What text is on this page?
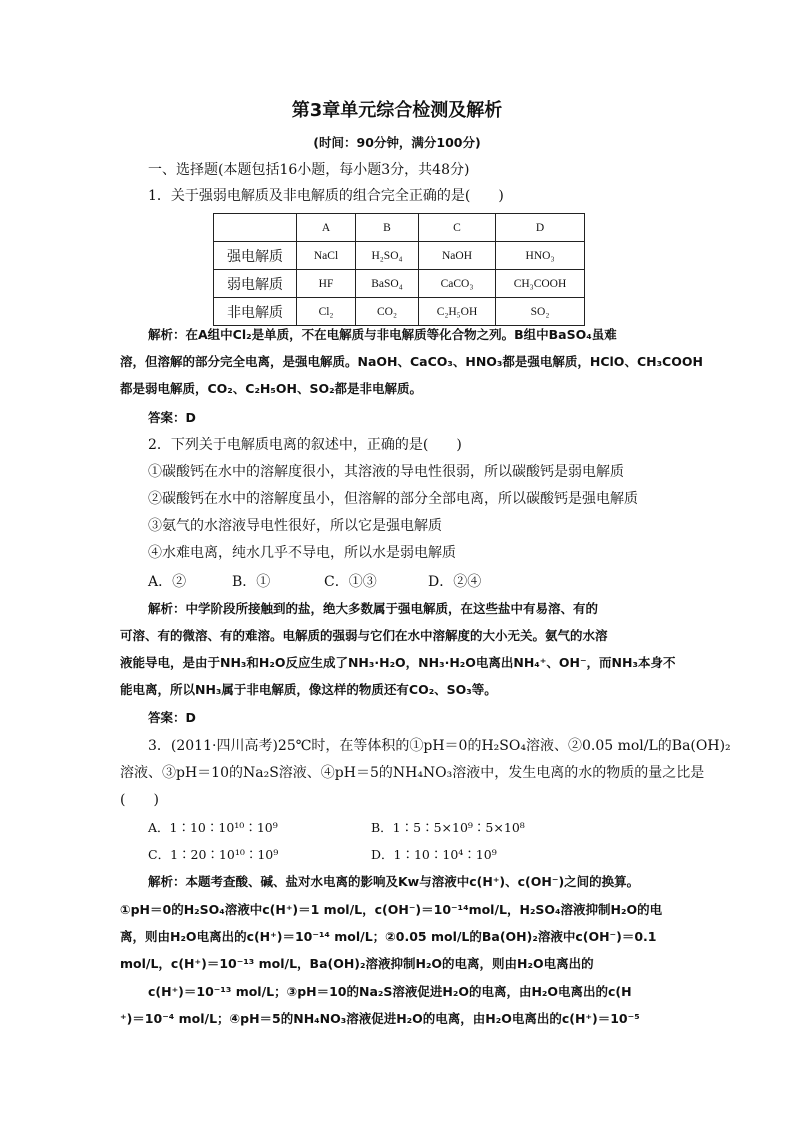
第3章单元综合检测及解析
(时间：90分钟，满分100分)
一、选择题(本题包括16小题，每小题3分，共48分)
1．关于强弱电解质及非电解质的组合完全正确的是(　　)
	A	B	C	D
强电解质	NaCl	H₂SO₄	NaOH	HNO₃
弱电解质	HF	BaSO₄	CaCO₃	CH₃COOH
非电解质	Cl₂	CO₂	C₂H₅OH	SO₂
解析：在A组中Cl₂是单质，不在电解质与非电解质等化合物之列。B组中BaSO₄虽难
溶，但溶解的部分完全电离，是强电解质。NaOH、CaCO₃、HNO₃都是强电解质，HClO、CH₃COOH
都是弱电解质，CO₂、C₂H₅OH、SO₂都是非电解质。
答案：D
2．下列关于电解质电离的叙述中，正确的是(　　)
①碳酸钙在水中的溶解度很小，其溶液的导电性很弱，所以碳酸钙是弱电解质
②碳酸钙在水中的溶解度虽小，但溶解的部分全部电离，所以碳酸钙是强电解质
③氨气的水溶液导电性很好，所以它是强电解质
④水难电离，纯水几乎不导电，所以水是弱电解质
A．②	B．①	C．①③	D．②④
解析：中学阶段所接触到的盐，绝大多数属于强电解质，在这些盐中有易溶、有的
可溶、有的微溶、有的难溶。电解质的强弱与它们在水中溶解度的大小无关。氨气的水溶
液能导电，是由于NH₃和H₂O反应生成了NH₃·H₂O，NH₃·H₂O电离出NH₄⁺、OH⁻，而NH₃本身不
能电离，所以NH₃属于非电解质，像这样的物质还有CO₂、SO₃等。
答案：D
3．(2011·四川高考)25℃时，在等体积的①pH＝0的H₂SO₄溶液、②0.05 mol/L的Ba(OH)₂
溶液、③pH＝10的Na₂S溶液、④pH＝5的NH₄NO₃溶液中，发生电离的水的物质的量之比是
(　　)
A．1∶10∶10¹⁰∶10⁹	B．1∶5∶5×10⁹∶5×10⁸
C．1∶20∶10¹⁰∶10⁹	D．1∶10∶10⁴∶10⁹
解析：本题考查酸、碱、盐对水电离的影响及Kw与溶液中c(H⁺)、c(OH⁻)之间的换算。
①pH＝0的H₂SO₄溶液中c(H⁺)＝1 mol/L，c(OH⁻)＝10⁻¹⁴mol/L，H₂SO₄溶液抑制H₂O的电
离，则由H₂O电离出的c(H⁺)＝10⁻¹⁴ mol/L；②0.05 mol/L的Ba(OH)₂溶液中c(OH⁻)＝0.1
mol/L，c(H⁺)＝10⁻¹³ mol/L，Ba(OH)₂溶液抑制H₂O的电离，则由H₂O电离出的
c(H⁺)＝10⁻¹³ mol/L；③pH＝10的Na₂S溶液促进H₂O的电离，由H₂O电离出的c(H
⁺)＝10⁻⁴ mol/L；④pH＝5的NH₄NO₃溶液促进H₂O的电离，由H₂O电离出的c(H⁺)＝10⁻⁵
